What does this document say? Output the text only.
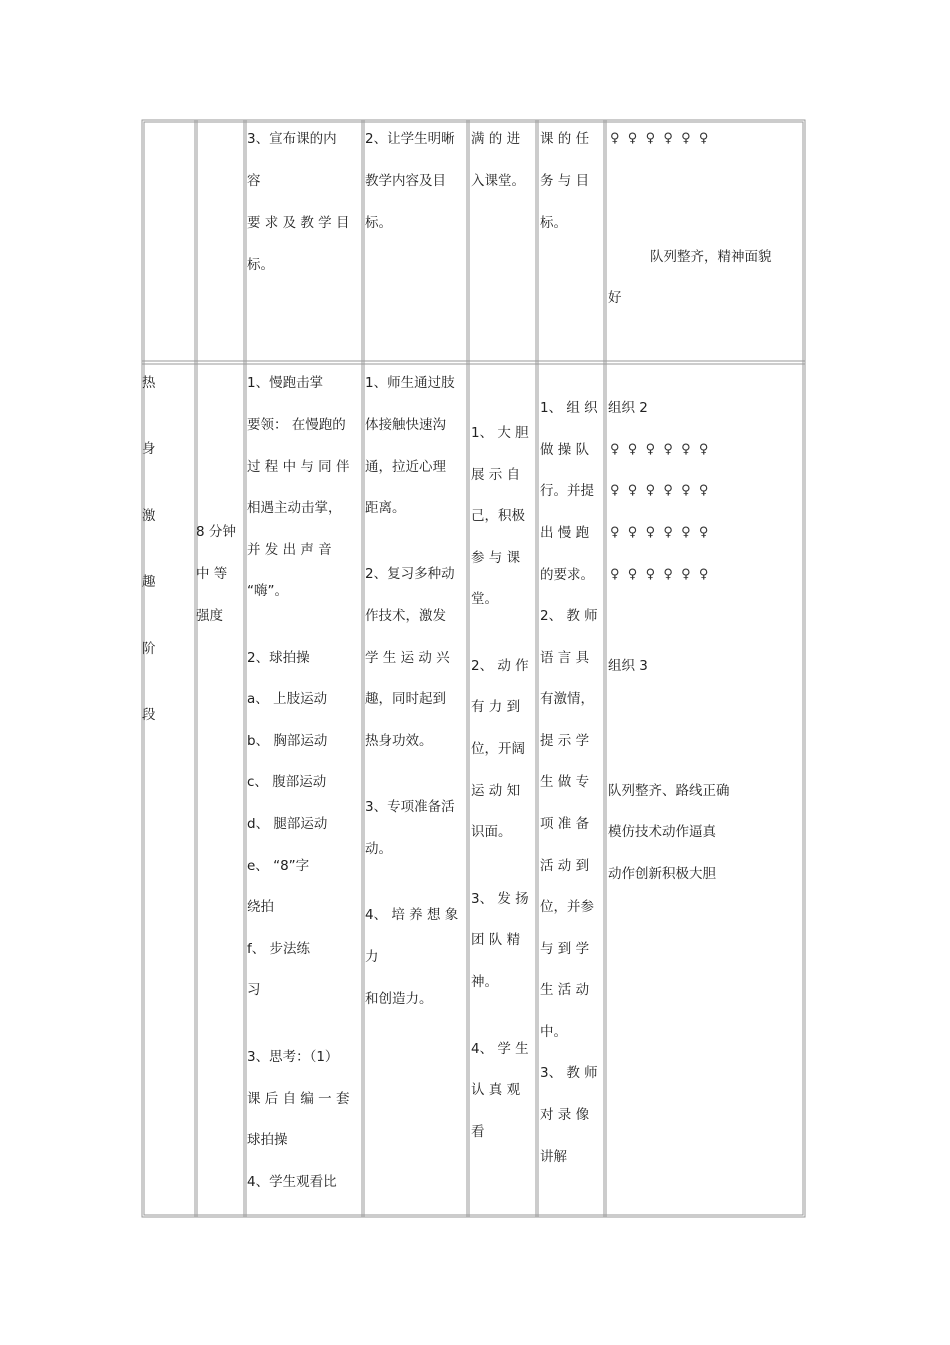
3、宣布课的内
容
要 求 及 教 学 目
标。
2、让学生明晰
教学内容及目
标。
满 的 进
入课堂。
课 的 任
务 与 目
标。
♀  ♀  ♀  ♀  ♀  ♀
队列整齐，精神面貌
好
热
身
激
趣
阶
段
8 分钟
中 等
强度
1、慢跑击掌
要领： 在慢跑的
过 程 中 与 同 伴
相遇主动击掌，
并 发 出 声 音
“嗨”。
2、球拍操
a、 上肢运动
b、 胸部运动
c、 腹部运动
d、 腿部运动
e、 “8”字
绕拍
f、 步法练
习
3、思考：（1）
课 后 自 编 一 套
球拍操
4、学生观看比
1、师生通过肢
体接触快速沟
通，拉近心理
距离。
2、复习多种动
作技术，激发
学 生 运 动 兴
趣，同时起到
热身功效。
3、专项准备活
动。
4、 培 养 想 象
力
和创造力。
1、 大 胆
展 示 自
己，积极
参 与 课
堂。
2、 动 作
有 力 到
位，开阔
运 动 知
识面。
3、 发 扬
团 队 精
神。
4、 学 生
认 真 观
看
1、 组 织
做 操 队
行。并提
出 慢 跑
的要求。
2、 教 师
语 言 具
有激情，
提 示 学
生 做 专
项 准 备
活 动 到
位，并参
与 到 学
生 活 动
中。
3、 教 师
对 录 像
讲解
组织 2
♀  ♀  ♀  ♀  ♀  ♀
♀  ♀  ♀  ♀  ♀  ♀
♀  ♀  ♀  ♀  ♀  ♀
♀  ♀  ♀  ♀  ♀  ♀
组织 3
队列整齐、路线正确
模仿技术动作逼真
动作创新积极大胆
